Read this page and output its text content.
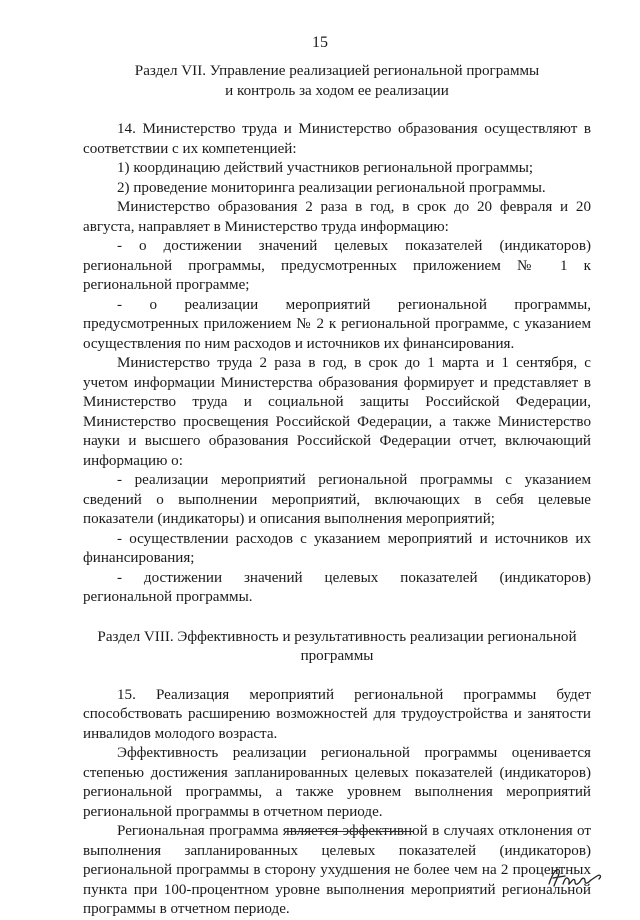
15
Раздел VII. Управление реализацией региональной программы
и контроль за ходом ее реализации

14. Министерство труда и Министерство образования осуществляют в соответствии с их компетенцией:

1) координацию действий участников региональной программы;

2) проведение мониторинга реализации региональной программы.

Министерство образования 2 раза в год, в срок до 20 февраля и 20 августа, направляет в Министерство труда информацию:

- о достижении значений целевых показателей (индикаторов) региональной программы, предусмотренных приложением № 1 к региональной программе;

- о реализации мероприятий региональной программы, предусмотренных приложением № 2 к региональной программе, с указанием осуществления по ним расходов и источников их финансирования.

Министерство труда 2 раза в год, в срок до 1 марта и 1 сентября, с учетом информации Министерства образования формирует и представляет в Министерство труда и социальной защиты Российской Федерации, Министерство просвещения Российской Федерации, а также Министерство науки и высшего образования Российской Федерации отчет, включающий информацию о:

- реализации мероприятий региональной программы с указанием сведений о выполнении мероприятий, включающих в себя целевые показатели (индикаторы) и описания выполнения мероприятий;

- осуществлении расходов с указанием мероприятий и источников их финансирования;

- достижении значений целевых показателей (индикаторов) региональной программы.

Раздел VIII. Эффективность и результативность реализации региональной
программы

15. Реализация мероприятий региональной программы будет способствовать расширению возможностей для трудоустройства и занятости инвалидов молодого возраста.

Эффективность реализации региональной программы оценивается степенью достижения запланированных целевых показателей (индикаторов) региональной программы, а также уровнем выполнения мероприятий региональной программы в отчетном периоде.

Региональная программа является эффективной в случаях отклонения от выполнения запланированных целевых показателей (индикаторов) региональной программы в сторону ухудшения не более чем на 2 процентных пункта при 100-процентном уровне выполнения мероприятий региональной программы в отчетном периоде.
